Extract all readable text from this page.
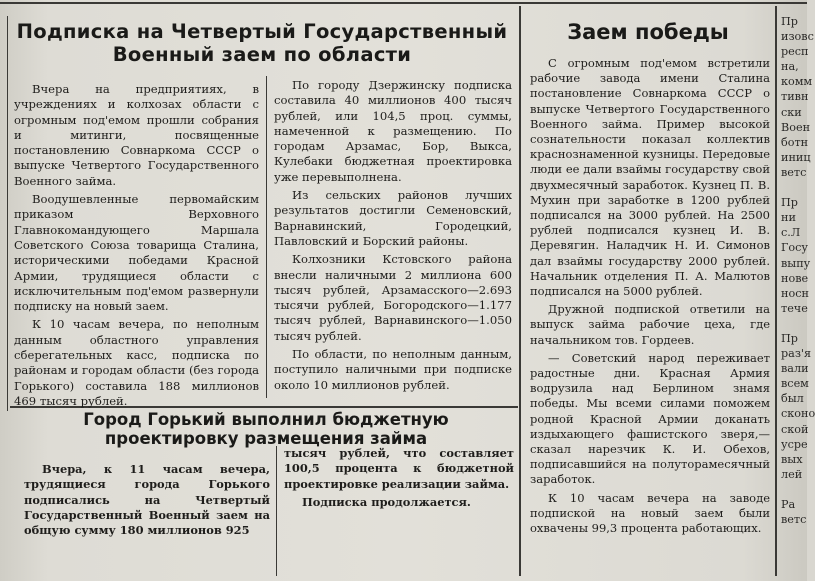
Подписка на Четвертый Государственный Военный заем по области

Вчера на предприятиях, в учреждениях и колхозах области с огромным под'емом прошли собрания и митинги, посвященные постановлению Совнаркома СССР о выпуске Четвертого Государственного Военного займа.

Воодушевленные первомайским приказом Верховного Главнокомандующего Маршала Советского Союза товарища Сталина, историческими победами Красной Армии, трудящиеся области с исключительным под'емом развернули подписку на новый заем.

К 10 часам вечера, по неполным данным областного управления сберегательных касс, подписка по районам и городам области (без города Горького) составила 188 миллионов 469 тысяч рублей.

По городу Дзержинску подписка составила 40 миллионов 400 тысяч рублей, или 104,5 проц. суммы, намеченной к размещению. По городам Арзамас, Бор, Выкса, Кулебаки бюджетная проектировка уже перевыполнена.

Из сельских районов лучших результатов достигли Семеновский, Варнавинский, Городецкий, Павловский и Борский районы.

Колхозники Кстовского района внесли наличными 2 миллиона 600 тысяч рублей, Арзамасского—2.693 тысячи рублей, Богородского—1.177 тысяч рублей, Варнавинского—1.050 тысяч рублей.

По области, по неполным данным, поступило наличными при подписке около 10 миллионов рублей.

Город Горький выполнил бюджетную проектировку размещения займа

Вчера, к 11 часам вечера, трудящиеся города Горького подписались на Четвертый Государственный Военный заем на общую сумму 180 миллионов 925

тысяч рублей, что составляет 100,5 процента к бюджетной проектировке реализации займа.

Подписка продолжается.

Заем победы

С огромным под'емом встретили рабочие завода имени Сталина постановление Совнаркома СССР о выпуске Четвертого Государственного Военного займа. Пример высокой сознательности показал коллектив краснознаменной кузницы. Передовые люди ее дали взаймы государству свой двухмесячный заработок. Кузнец П. В. Мухин при заработке в 1200 рублей подписался на 3000 рублей. На 2500 рублей подписался кузнец И. В. Деревягин. Наладчик Н. И. Симонов дал взаймы государству 2000 рублей. Начальник отделения П. А. Малютов подписался на 5000 рублей.

Дружной подпиской ответили на выпуск займа рабочие цеха, где начальником тов. Гордеев.

— Советский народ переживает радостные дни. Красная Армия водрузила над Берлином знамя победы. Мы всеми силами поможем родной Красной Армии доканать издыхающего фашистского зверя,— сказал нарезчик К. И. Обехов, подписавшийся на полуторамесячный заработок.

К 10 часам вечера на заводе подпиской на новый заем были охвачены 99,3 процента работающих.

Пр
изовс
респ
на,
комм
тивн
ски
Воен
ботн
иниц
ветс
Пр
ни
с.Л
Госу
выпу
нове
носн
тече
Пр
раз'я
вали
всем
был
сконо
ской
усре
вых
лей
Ра
ветс
